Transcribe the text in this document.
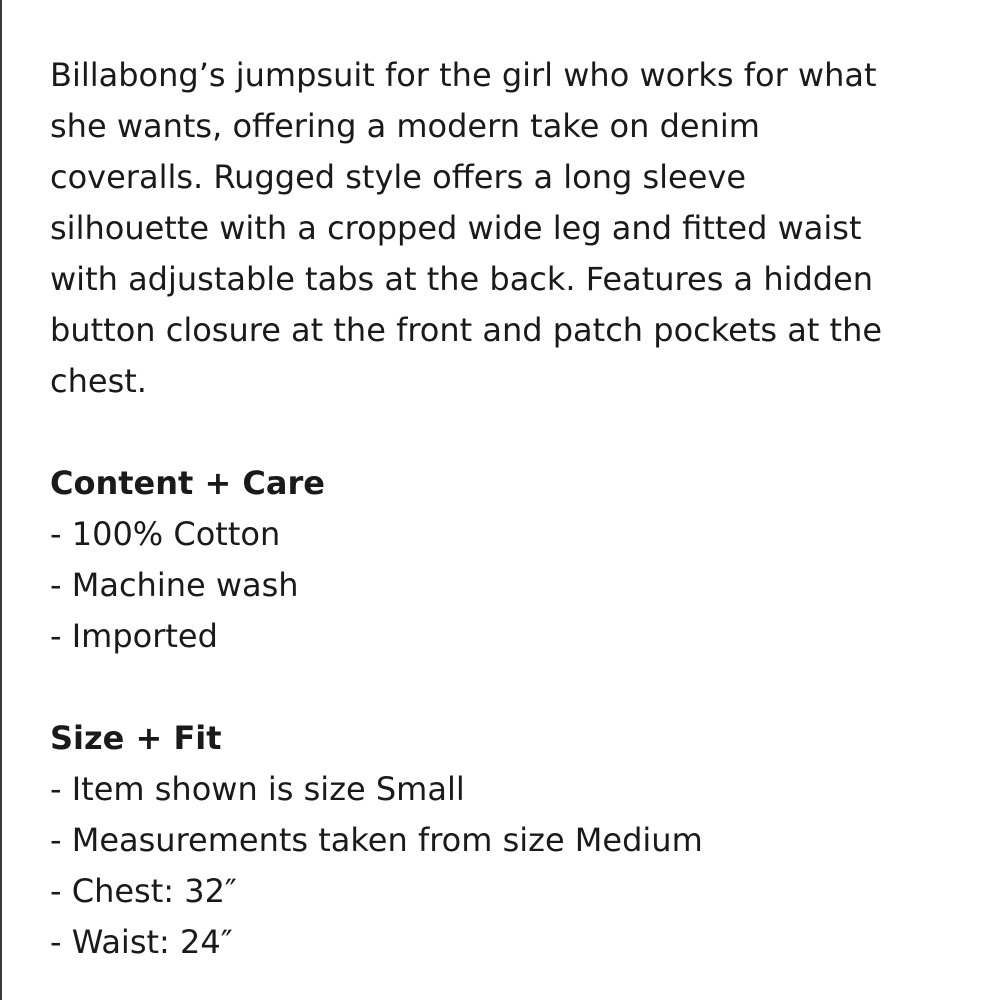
Billabong’s jumpsuit for the girl who works for what
she wants, offering a modern take on denim
coveralls. Rugged style offers a long sleeve
silhouette with a cropped wide leg and fitted waist
with adjustable tabs at the back. Features a hidden
button closure at the front and patch pockets at the
chest.

Content + Care
- 100% Cotton
- Machine wash
- Imported
Size + Fit
- Item shown is size Small
- Measurements taken from size Medium
- Chest: 32″
- Waist: 24″
